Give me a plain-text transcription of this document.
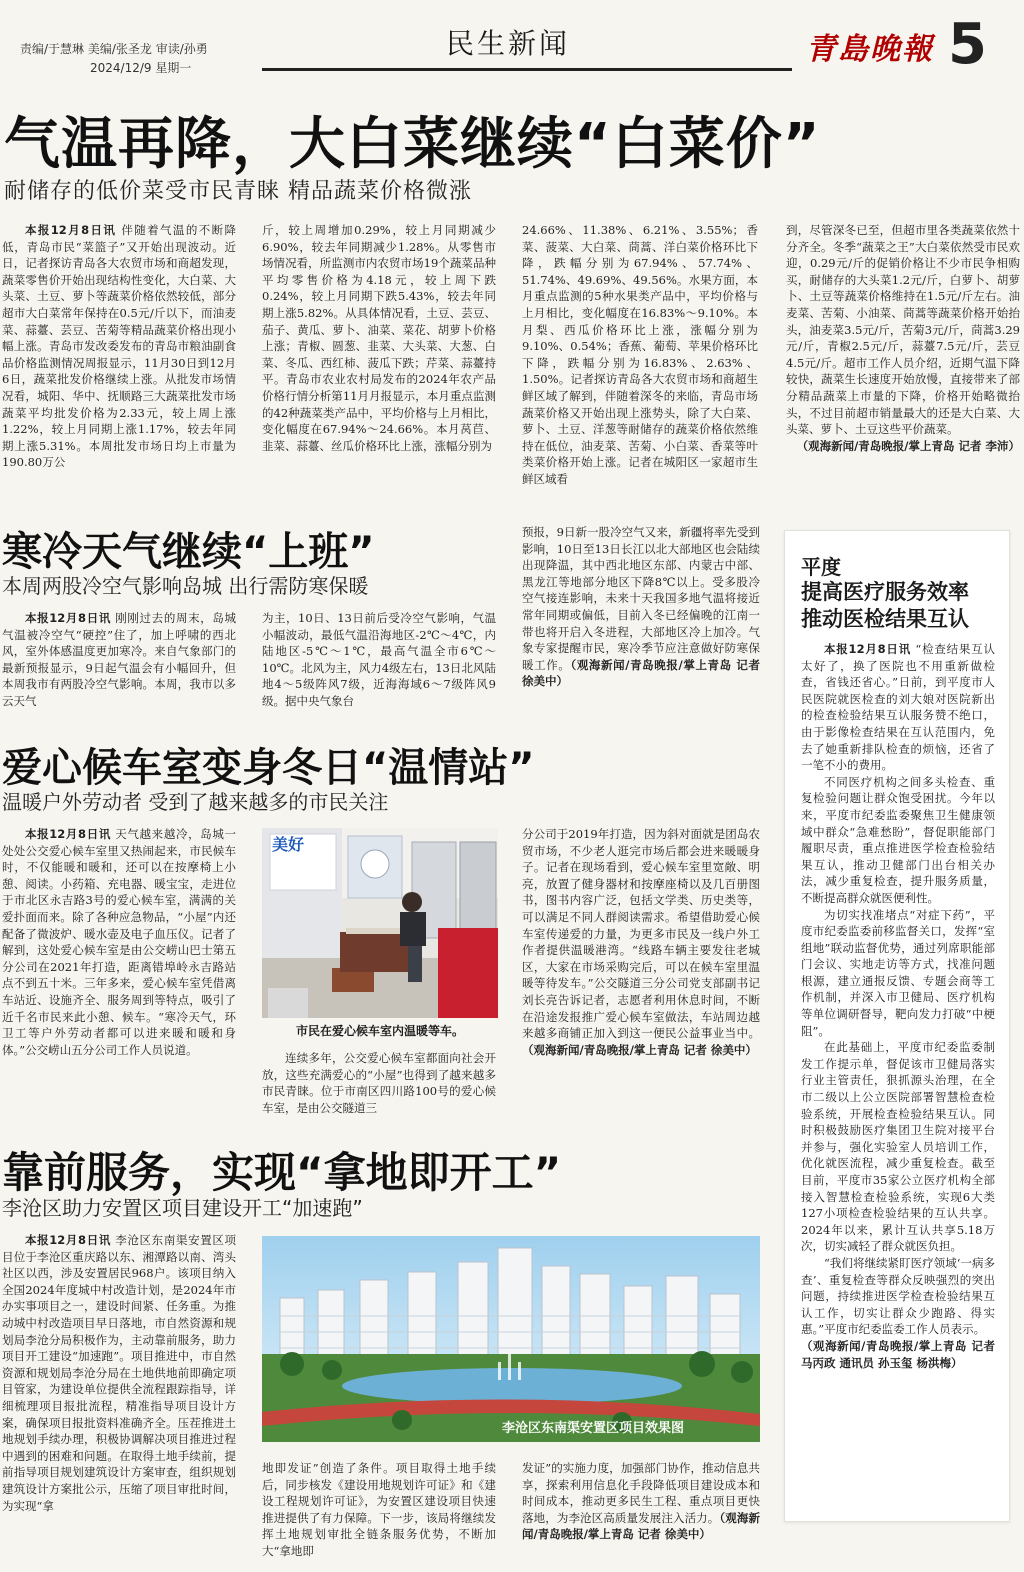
责编/于慧琳 美编/张圣龙 审读/孙勇
2024/12/9 星期一
民生新闻	青島晚報 5
气温再降，大白菜继续“白菜价”
耐储存的低价菜受市民青睐 精品蔬菜价格微涨

本报12月8日讯 伴随着气温的不断降低，青岛市民“菜篮子”又开始出现波动。近日，记者探访青岛各大农贸市场和商超发现，蔬菜零售价开始出现结构性变化，大白菜、大头菜、土豆、萝卜等蔬菜价格依然较低，部分超市大白菜常年保持在0.5元/斤以下，而油麦菜、蒜薹、芸豆、苦菊等精品蔬菜价格出现小幅上涨。青岛市发改委发布的青岛市粮油副食品价格监测情况周报显示，11月30日到12月6日，蔬菜批发价格继续上涨。从批发市场情况看，城阳、华中、抚顺路三大蔬菜批发市场蔬菜平均批发价格为2.33元，较上周上涨1.22%，较上月同期上涨1.17%，较去年同期上涨5.31%。本周批发市场日均上市量为190.80万公

斤，较上周增加0.29%，较上月同期减少6.90%，较去年同期减少1.28%。从零售市场情况看，所监测市内农贸市场19个蔬菜品种平均零售价格为4.18元，较上周下跌0.24%，较上月同期下跌5.43%，较去年同期上涨5.82%。从具体情况看，土豆、芸豆、茄子、黄瓜、萝卜、油菜、菜花、胡萝卜价格上涨；青椒、圆葱、韭菜、大头菜、大葱、白菜、冬瓜、西红柿、菠瓜下跌；芹菜、蒜薹持平。青岛市农业农村局发布的2024年农产品价格行情分析第11月月报显示，本月重点监测的42种蔬菜类产品中，平均价格与上月相比，变化幅度在67.94%～24.66%。本月莴苣、韭菜、蒜薹、丝瓜价格环比上涨，涨幅分别为

24.66%、11.38%、6.21%、3.55%；香菜、菠菜、大白菜、茼蒿、洋白菜价格环比下降，跌幅分别为67.94%、57.74%、51.74%、49.69%、49.56%。水果方面，本月重点监测的5种水果类产品中，平均价格与上月相比，变化幅度在16.83%～9.10%。本月梨、西瓜价格环比上涨，涨幅分别为9.10%、0.54%；香蕉、葡萄、苹果价格环比下降，跌幅分别为16.83%、2.63%、1.50%。记者探访青岛各大农贸市场和商超生鲜区域了解到，伴随着深冬的来临，青岛市场蔬菜价格又开始出现上涨势头，除了大白菜、萝卜、土豆、洋葱等耐储存的蔬菜价格依然维持在低位，油麦菜、苦菊、小白菜、香菜等叶类菜价格开始上涨。记者在城阳区一家超市生鲜区域看

到，尽管深冬已至，但超市里各类蔬菜依然十分齐全。冬季“蔬菜之王”大白菜依然受市民欢迎，0.29元/斤的促销价格让不少市民争相购买，耐储存的大头菜1.2元/斤，白萝卜、胡萝卜、土豆等蔬菜价格维持在1.5元/斤左右。油麦菜、苦菊、小油菜、茼蒿等蔬菜价格开始抬头，油麦菜3.5元/斤，苦菊3元/斤，茼蒿3.29元/斤，青椒2.5元/斤，蒜薹7.5元/斤，芸豆4.5元/斤。超市工作人员介绍，近期气温下降较快，蔬菜生长速度开始放慢，直接带来了部分精品蔬菜上市量的下降，价格开始略微抬头，不过目前超市销量最大的还是大白菜、大头菜、萝卜、土豆这些平价蔬菜。

（观海新闻/青岛晚报/掌上青岛 记者 李沛）

寒冷天气继续“上班”
本周两股冷空气影响岛城 出行需防寒保暖

本报12月8日讯 刚刚过去的周末，岛城气温被冷空气“硬控”住了，加上呼啸的西北风，室外体感温度更加寒冷。来自气象部门的最新预报显示，9日起气温会有小幅回升，但本周我市有两股冷空气影响。本周，我市以多云天气

为主，10日、13日前后受冷空气影响，气温小幅波动，最低气温沿海地区-2℃～4℃，内陆地区-5℃～1℃，最高气温全市6℃～10℃。北风为主，风力4级左右，13日北风陆地4～5级阵风7级，近海海域6～7级阵风9级。据中央气象台

预报，9日新一股冷空气又来，新疆将率先受到影响，10日至13日长江以北大部地区也会陆续出现降温，其中西北地区东部、内蒙古中部、黑龙江等地部分地区下降8℃以上。受多股冷空气接连影响，未来十天我国多地气温将接近常年同期或偏低，目前入冬已经偏晚的江南一带也将开启入冬进程，大部地区冷上加冷。气象专家提醒市民，寒冷季节应注意做好防寒保暖工作。（观海新闻/青岛晚报/掌上青岛 记者 徐美中）

爱心候车室变身冬日“温情站”
温暖户外劳动者 受到了越来越多的市民关注

本报12月8日讯 天气越来越冷，岛城一处处公交爱心候车室里又热闹起来，市民候车时，不仅能暖和暖和，还可以在按摩椅上小憩、阅读。小药箱、充电器、暖宝宝，走进位于市北区永吉路3号的爱心候车室，满满的关爱扑面而来。除了各种应急物品，“小屋”内还配备了微波炉、暖水壶及电子血压仪。记者了解到，这处爱心候车室是由公交崂山巴士第五分公司在2021年打造，距离错埠岭永吉路站点不到五十米。三年多来，爱心候车室凭借离车站近、设施齐全、服务周到等特点，吸引了近千名市民来此小憩、候车。“寒冷天气，环卫工等户外劳动者都可以进来暖和暖和身体。”公交崂山五分公司工作人员说道。

美好
市民在爱心候车室内温暖等车。

连续多年，公交爱心候车室都面向社会开放，这些充满爱心的“小屋”也得到了越来越多市民青睐。位于市南区四川路100号的爱心候车室，是由公交隧道三

分公司于2019年打造，因为斜对面就是团岛农贸市场，不少老人逛完市场后都会进来暖暖身子。记者在现场看到，爱心候车室里宽敞、明亮，放置了健身器材和按摩座椅以及几百册图书，图书内容广泛，包括文学类、历史类等，可以满足不同人群阅读需求。希望借助爱心候车室传递爱的力量，为更多市民及一线户外工作者提供温暖港湾。“线路车辆主要发往老城区，大家在市场采购完后，可以在候车室里温暖等待发车。”公交隧道三分公司党支部副书记刘长亮告诉记者，志愿者利用休息时间，不断在沿途发报推广爱心候车室做法，车站周边越来越多商铺正加入到这一便民公益事业当中。（观海新闻/青岛晚报/掌上青岛 记者 徐美中）

靠前服务，实现“拿地即开工”
李沧区助力安置区项目建设开工“加速跑”

本报12月8日讯 李沧区东南渠安置区项目位于李沧区重庆路以东、湘潭路以南、湾头社区以西，涉及安置居民968户。该项目纳入全国2024年度城中村改造计划，是2024年市办实事项目之一，建设时间紧、任务重。为推动城中村改造项目早日落地，市自然资源和规划局李沧分局积极作为，主动靠前服务，助力项目开工建设“加速跑”。项目推进中，市自然资源和规划局李沧分局在土地供地前即确定项目管家，为建设单位提供全流程跟踪指导，详细梳理项目报批流程，精准指导项目设计方案，确保项目报批资料准确齐全。压茬推进土地规划手续办理，积极协调解决项目推进过程中遇到的困难和问题。在取得土地手续前，提前指导项目规划建筑设计方案审查，组织规划建筑设计方案批公示，压缩了项目审批时间，为实现“拿

李沧区东南渠安置区项目效果图

地即发证”创造了条件。项目取得土地手续后，同步核发《建设用地规划许可证》和《建设工程规划许可证》，为安置区建设项目快速推进提供了有力保障。下一步，该局将继续发挥土地规划审批全链条服务优势，不断加大“拿地即

发证”的实施力度，加强部门协作，推动信息共享，探索利用信息化手段降低项目建设成本和时间成本，推动更多民生工程、重点项目更快落地，为李沧区高质量发展注入活力。（观海新闻/青岛晚报/掌上青岛 记者 徐美中）

平度
提高医疗服务效率
推动医检结果互认

本报12月8日讯 “检查结果互认太好了，换了医院也不用重新做检查，省钱还省心。”日前，到平度市人民医院就医检查的刘大娘对医院新出的检查检验结果互认服务赞不绝口，由于影像检查结果在互认范围内，免去了她重新排队检查的烦恼，还省了一笔不小的费用。

不同医疗机构之间多头检查、重复检验问题让群众饱受困扰。今年以来，平度市纪委监委聚焦卫生健康领域中群众“急难愁盼”，督促职能部门履职尽责，重点推进医学检查检验结果互认，推动卫健部门出台相关办法，减少重复检查，提升服务质量，不断提高群众就医便利性。

为切实找准堵点“对症下药”，平度市纪委监委前移监督关口，发挥“室组地”联动监督优势，通过列席职能部门会议、实地走访等方式，找准问题根源，建立通报反馈、专题会商等工作机制，并深入市卫健局、医疗机构等单位调研督导，靶向发力打破“中梗阻”。

在此基础上，平度市纪委监委制发工作提示单，督促该市卫健局落实行业主管责任，狠抓源头治理，在全市二级以上公立医院部署智慧检查检验系统，开展检查检验结果互认。同时积极鼓励医疗集团卫生院对接平台并参与，强化实验室人员培训工作，优化就医流程，减少重复检查。截至目前，平度市35家公立医疗机构全部接入智慧检查检验系统，实现6大类127小项检查检验结果的互认共享。2024年以来，累计互认共享5.18万次，切实减轻了群众就医负担。

“我们将继续紧盯医疗领域‘一病多查’、重复检查等群众反映强烈的突出问题，持续推进医学检查检验结果互认工作，切实让群众少跑路、得实惠。”平度市纪委监委工作人员表示。

（观海新闻/青岛晚报/掌上青岛 记者 马丙政 通讯员 孙玉玺 杨洪梅）
